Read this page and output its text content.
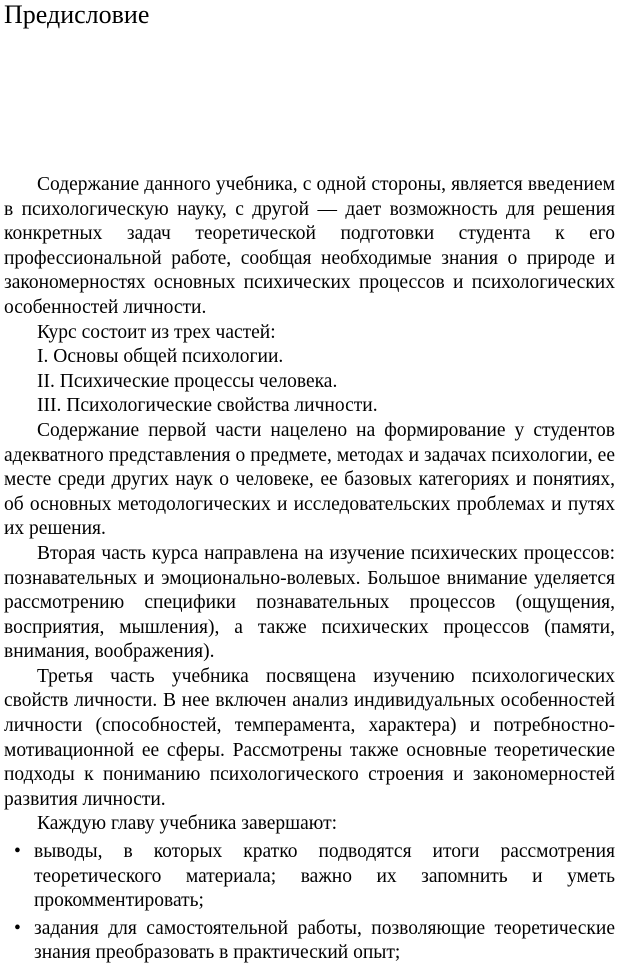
Предисловие

Содержание данного учебника, с одной стороны, является введением в психологическую науку, с другой — дает возможность для решения конкретных задач теоретической подготовки студента к его профессиональной работе, сообщая необходимые знания о природе и закономерностях основных психических процессов и психологических особенностей личности.

Курс состоит из трех частей:

I. Основы общей психологии.

II. Психические процессы человека.

III. Психологические свойства личности.

Содержание первой части нацелено на формирование у студентов адекватного представления о предмете, методах и задачах психологии, ее месте среди других наук о человеке, ее базовых категориях и понятиях, об основных методологических и исследовательских проблемах и путях их решения.

Вторая часть курса направлена на изучение психических процессов: познавательных и эмоционально-волевых. Большое внимание уделяется рассмотрению специфики познавательных процессов (ощущения, восприятия, мышления), а также психических процессов (памяти, внимания, воображения).

Третья часть учебника посвящена изучению психологических свойств личности. В нее включен анализ индивидуальных особенностей личности (способностей, темперамента, характера) и потребностно-мотивационной ее сферы. Рассмотрены также основные теоретические подходы к пониманию психологического строения и закономерностей развития личности.

Каждую главу учебника завершают:

• выводы, в которых кратко подводятся итоги рассмотрения теоретического материала; важно их запомнить и уметь прокомментировать;
• задания для самостоятельной работы, позволяющие теоретические знания преобразовать в практический опыт;
